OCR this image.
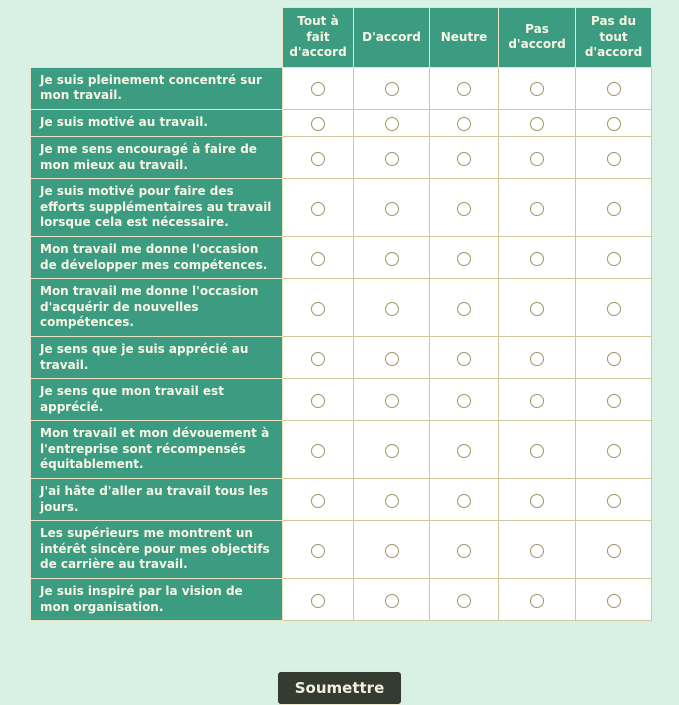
	Tout à fait d'accord	D'accord	Neutre	Pas d'accord	Pas du tout d'accord
Je suis pleinement concentré sur mon travail.					
Je suis motivé au travail.					
Je me sens encouragé à faire de mon mieux au travail.					
Je suis motivé pour faire des efforts supplémentaires au travail lorsque cela est nécessaire.					
Mon travail me donne l'occasion de développer mes compétences.					
Mon travail me donne l'occasion d'acquérir de nouvelles compétences.					
Je sens que je suis apprécié au travail.					
Je sens que mon travail est apprécié.					
Mon travail et mon dévouement à l'entreprise sont récompensés équitablement.					
J'ai hâte d'aller au travail tous les jours.					
Les supérieurs me montrent un intérêt sincère pour mes objectifs de carrière au travail.					
Je suis inspiré par la vision de mon organisation.					
Soumettre
